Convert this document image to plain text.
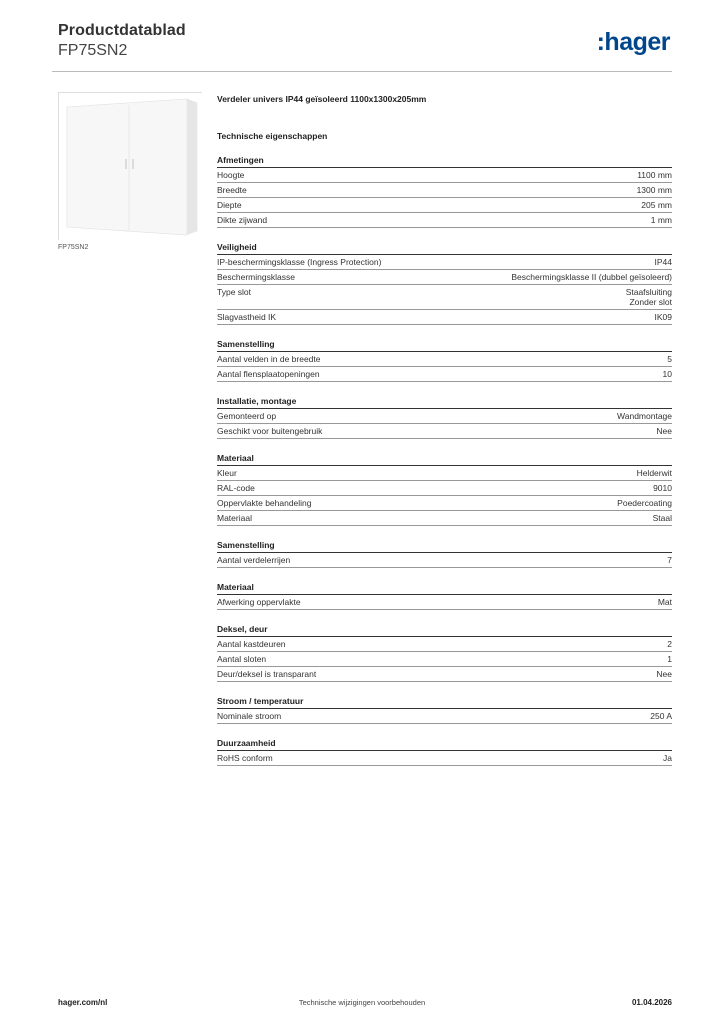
Productdatablad
FP75SN2	:hager
FP75SN2
Verdeler univers IP44 geïsoleerd 1100x1300x205mm
Technische eigenschappen
Afmetingen
Hoogte	1100 mm
Breedte	1300 mm
Diepte	205 mm
Dikte zijwand	1 mm
Veiligheid
IP-beschermingsklasse (Ingress Protection)	IP44
Beschermingsklasse	Beschermingsklasse II (dubbel geïsoleerd)
Type slot	Staafsluiting
Zonder slot
Slagvastheid IK	IK09
Samenstelling
Aantal velden in de breedte	5
Aantal flensplaatopeningen	10
Installatie, montage
Gemonteerd op	Wandmontage
Geschikt voor buitengebruik	Nee
Materiaal
Kleur	Helderwit
RAL-code	9010
Oppervlakte behandeling	Poedercoating
Materiaal	Staal
Samenstelling
Aantal verdelerrijen	7
Materiaal
Afwerking oppervlakte	Mat
Deksel, deur
Aantal kastdeuren	2
Aantal sloten	1
Deur/deksel is transparant	Nee
Stroom / temperatuur
Nominale stroom	250 A
Duurzaamheid
RoHS conform	Ja
hager.com/nl	Technische wijzigingen voorbehouden	01.04.2026
